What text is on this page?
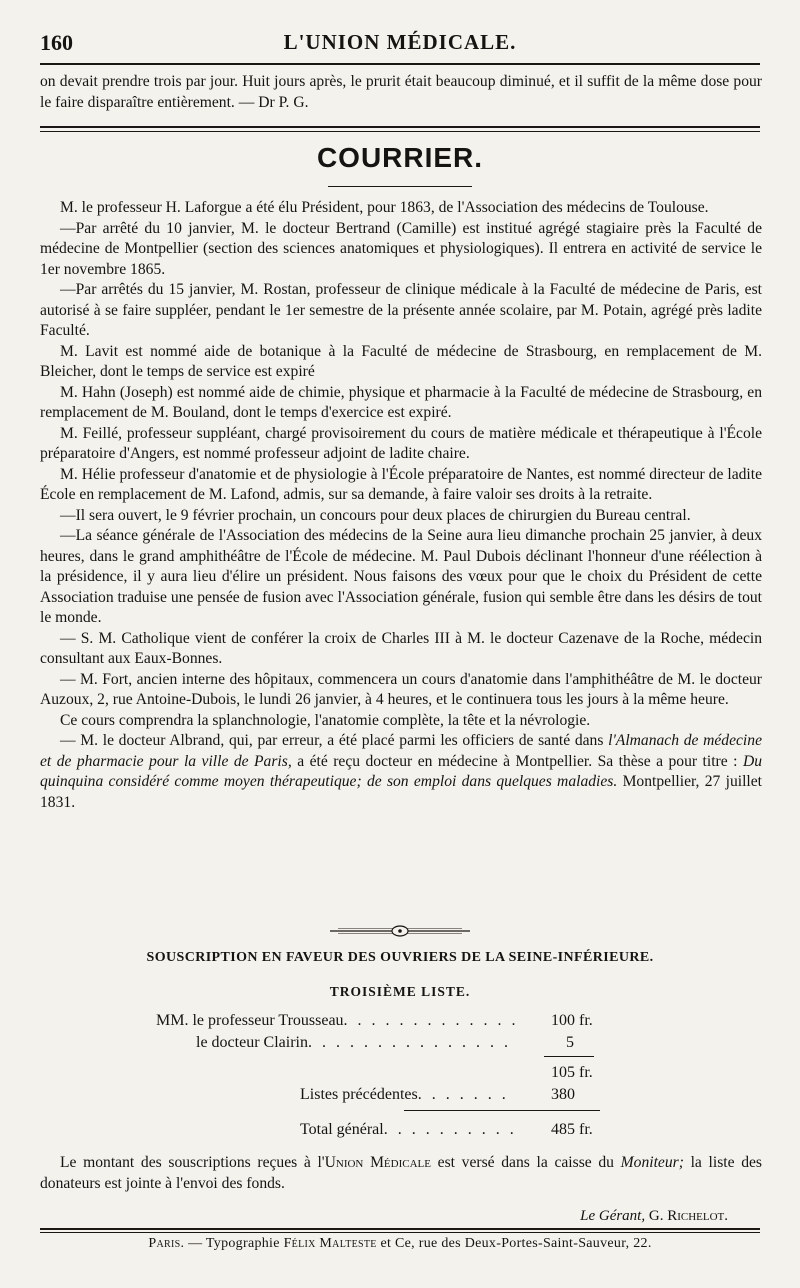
160	L'UNION MÉDICALE.

on devait prendre trois par jour. Huit jours après, le prurit était beaucoup diminué, et il suffit de la même dose pour le faire disparaître entièrement. — Dr P. G.

COURRIER.

M. le professeur H. Laforgue a été élu Président, pour 1863, de l'Association des médecins de Toulouse.

—Par arrêté du 10 janvier, M. le docteur Bertrand (Camille) est institué agrégé stagiaire près la Faculté de médecine de Montpellier (section des sciences anatomiques et physiologiques). Il entrera en activité de service le 1er novembre 1865.

—Par arrêtés du 15 janvier, M. Rostan, professeur de clinique médicale à la Faculté de médecine de Paris, est autorisé à se faire suppléer, pendant le 1er semestre de la présente année scolaire, par M. Potain, agrégé près ladite Faculté.

M. Lavit est nommé aide de botanique à la Faculté de médecine de Strasbourg, en remplacement de M. Bleicher, dont le temps de service est expiré

M. Hahn (Joseph) est nommé aide de chimie, physique et pharmacie à la Faculté de médecine de Strasbourg, en remplacement de M. Bouland, dont le temps d'exercice est expiré.

M. Feillé, professeur suppléant, chargé provisoirement du cours de matière médicale et thérapeutique à l'École préparatoire d'Angers, est nommé professeur adjoint de ladite chaire.

M. Hélie professeur d'anatomie et de physiologie à l'École préparatoire de Nantes, est nommé directeur de ladite École en remplacement de M. Lafond, admis, sur sa demande, à faire valoir ses droits à la retraite.

—Il sera ouvert, le 9 février prochain, un concours pour deux places de chirurgien du Bureau central.

—La séance générale de l'Association des médecins de la Seine aura lieu dimanche prochain 25 janvier, à deux heures, dans le grand amphithéâtre de l'École de médecine. M. Paul Dubois déclinant l'honneur d'une réélection à la présidence, il y aura lieu d'élire un président. Nous faisons des vœux pour que le choix du Président de cette Association traduise une pensée de fusion avec l'Association générale, fusion qui semble être dans les désirs de tout le monde.

— S. M. Catholique vient de conférer la croix de Charles III à M. le docteur Cazenave de la Roche, médecin consultant aux Eaux-Bonnes.

— M. Fort, ancien interne des hôpitaux, commencera un cours d'anatomie dans l'amphithéâtre de M. le docteur Auzoux, 2, rue Antoine-Dubois, le lundi 26 janvier, à 4 heures, et le continuera tous les jours à la même heure.

Ce cours comprendra la splanchnologie, l'anatomie complète, la tête et la névrologie.

— M. le docteur Albrand, qui, par erreur, a été placé parmi les officiers de santé dans l'Almanach de médecine et de pharmacie pour la ville de Paris, a été reçu docteur en médecine à Montpellier. Sa thèse a pour titre : Du quinquina considéré comme moyen thérapeutique; de son emploi dans quelques maladies. Montpellier, 27 juillet 1831.

SOUSCRIPTION EN FAVEUR DES OUVRIERS DE LA SEINE-INFÉRIEURE.
TROISIÈME LISTE.
MM. le professeur Trousseau. . . . . . . . . . . . . 100 fr.
le docteur Clairin. . . . . . . . . . . . . . .	5
105 fr.
Listes précédentes. . . . . . .	380
Total général. . . . . . . . . . 485 fr.

Le montant des souscriptions reçues à l'Union Médicale est versé dans la caisse du Moniteur; la liste des donateurs est jointe à l'envoi des fonds.

Le Gérant, G. Richelot.
Paris. — Typographie Félix Malteste et Ce, rue des Deux-Portes-Saint-Sauveur, 22.
